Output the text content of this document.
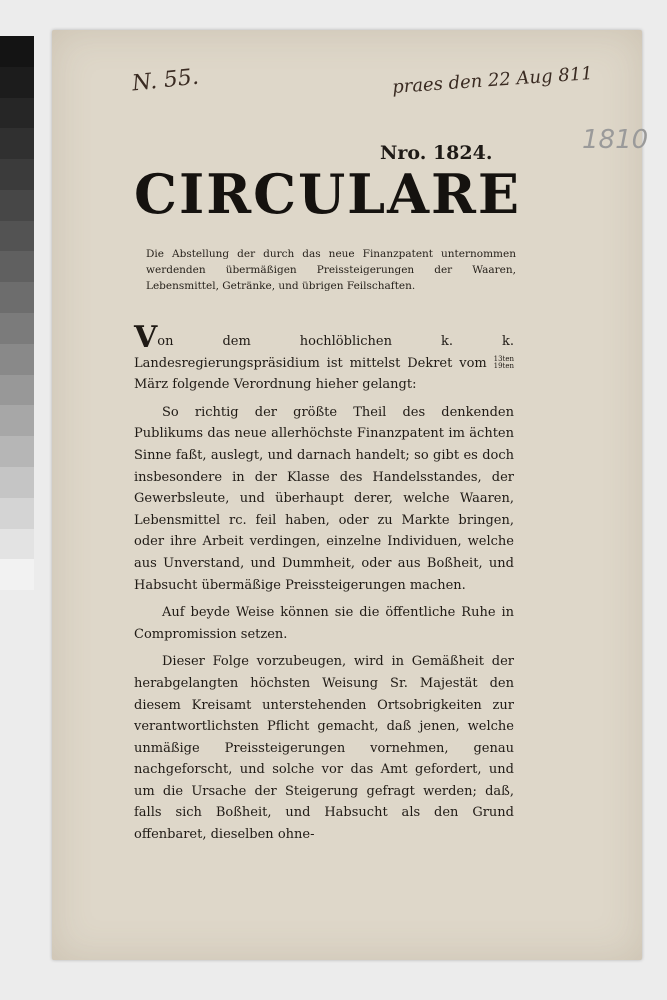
N. 55.	praes den 22 Aug 811
1810
Nro. 1824.
CIRCULARE
Die Abstellung der durch das neue Finanzpatent unternommen werdenden übermäßigen Preissteigerungen der Waaren, Lebensmittel, Getränke, und übrigen Feilschaften.

Von dem hochlöblichen k. k. Landesregierungspräsidium ist mittelst Dekret vom 13ten
19ten
März folgende Verordnung hieher gelangt:

So richtig der größte Theil des denkenden Publikums das neue allerhöchste Finanzpatent im ächten Sinne faßt, auslegt, und darnach handelt; so gibt es doch insbesondere in der Klasse des Handelsstandes, der Gewerbsleute, und überhaupt derer, welche Waaren, Lebensmittel rc. feil haben, oder zu Markte bringen, oder ihre Arbeit verdingen, einzelne Individuen, welche aus Unverstand, und Dummheit, oder aus Boßheit, und Habsucht übermäßige Preissteigerungen machen.

Auf beyde Weise können sie die öffentliche Ruhe in Compromission setzen.

Dieser Folge vorzubeugen, wird in Gemäßheit der herabgelangten höchsten Weisung Sr. Majestät den diesem Kreisamt unterstehenden Ortsobrigkeiten zur verantwortlichsten Pflicht gemacht, daß jenen, welche unmäßige Preissteigerungen vornehmen, genau nachgeforscht, und solche vor das Amt gefordert, und um die Ursache der Steigerung gefragt werden; daß, falls sich Boßheit, und Habsucht als den Grund offenbaret, dieselben ohne-
